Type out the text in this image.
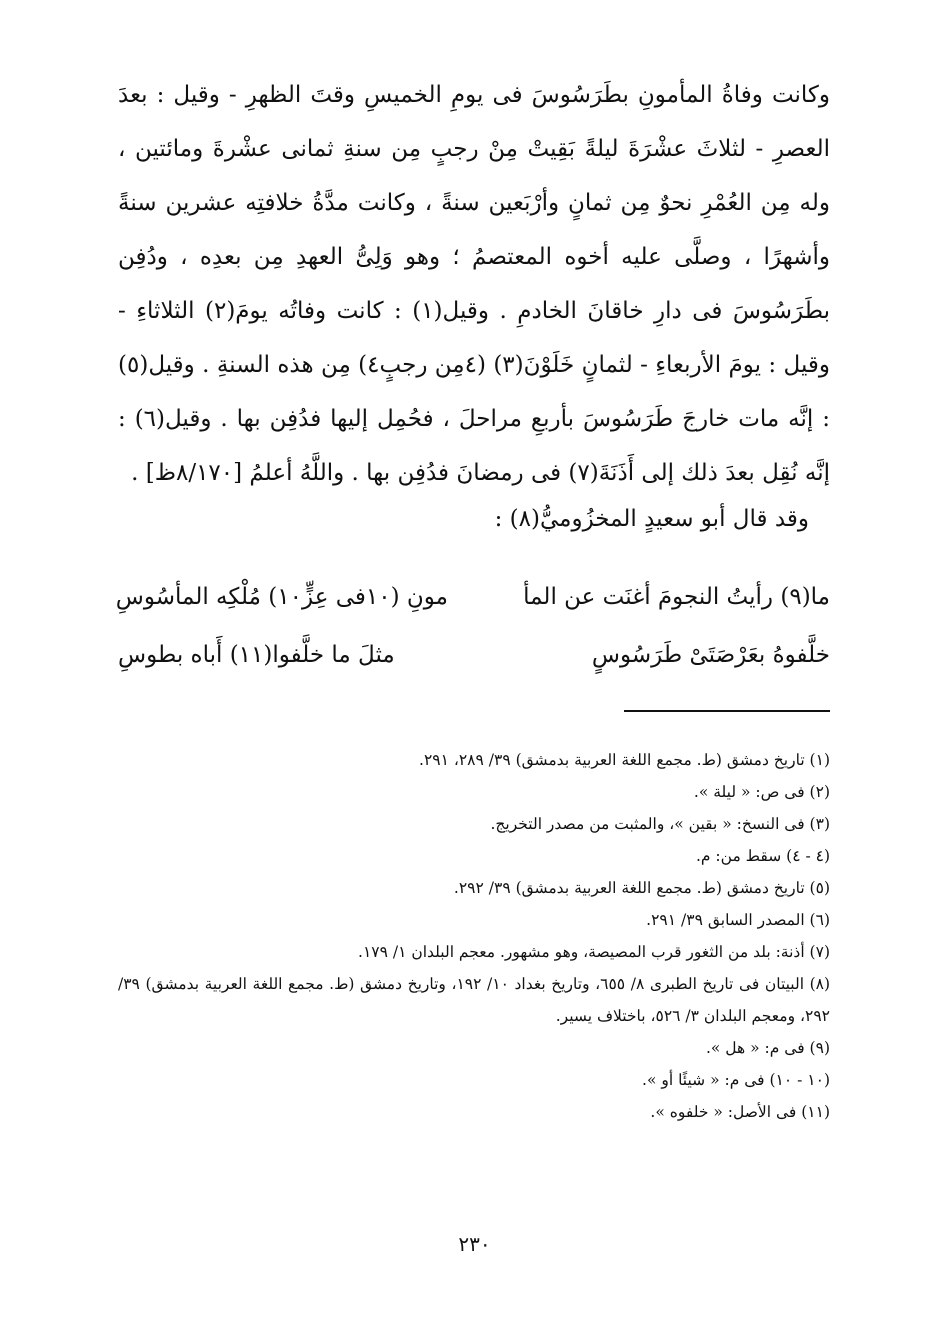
وكانت وفاةُ المأمونِ بطَرَسُوسَ فى يومِ الخميسِ وقتَ الظهرِ - وقيل : بعدَ العصرِ - لثلاثَ عشْرَةَ ليلةً بَقِيتْ مِنْ رجبٍ مِن سنةِ ثمانى عشْرةَ ومائتين ، وله مِن العُمْرِ نحوٌ مِن ثمانٍ وأرْبَعين سنةً ، وكانت مدَّةُ خلافتِه عشرين سنةً وأشهرًا ، وصلَّى عليه أخوه المعتصمُ ؛ وهو وَلِىُّ العهدِ مِن بعدِه ، ودُفِن بطَرَسُوسَ فى دارِ خاقانَ الخادمِ . وقيل(١) : كانت وفاتُه يومَ(٢) الثلاثاءِ - وقيل : يومَ الأربعاءِ - لثمانٍ خَلَوْنَ(٣) (٤مِن رجبٍ٤) مِن هذه السنةِ . وقيل(٥) : إنَّه مات خارجَ طَرَسُوسَ بأربعِ مراحلَ ، فحُمِل إليها فدُفِن بها . وقيل(٦) : إنَّه نُقِل بعدَ ذلك إلى أَذَنَةَ(٧) فى رمضانَ فدُفِن بها . واللَّهُ أعلمُ [٨/١٧٠ظ] .

وقد قال أبو سعيدٍ المخزُوميُّ(٨) :
ما(٩) رأيتُ النجومَ أغنَت عن المأ
مونِ (١٠فى عِزٍّ١٠) مُلْكِه المأسُوسِ
خلَّفوهُ بعَرْصَتَىْ طَرَسُوسٍ
مثلَ ما خلَّفوا(١١) أَباه بطوسِ

(١) تاريخ دمشق (ط. مجمع اللغة العربية بدمشق) ٣٩/ ٢٨٩، ٢٩١.

(٢) فى ص: « ليلة ».

(٣) فى النسخ: « بقين »، والمثبت من مصدر التخريج.

(٤ - ٤) سقط من: م.

(٥) تاريخ دمشق (ط. مجمع اللغة العربية بدمشق) ٣٩/ ٢٩٢.

(٦) المصدر السابق ٣٩/ ٢٩١.

(٧) أذنة: بلد من الثغور قرب المصيصة، وهو مشهور. معجم البلدان ١/ ١٧٩.

(٨) البيتان فى تاريخ الطبرى ٨/ ٦٥٥، وتاريخ بغداد ١٠/ ١٩٢، وتاريخ دمشق (ط. مجمع اللغة العربية بدمشق) ٣٩/ ٢٩٢، ومعجم البلدان ٣/ ٥٢٦، باختلاف يسير.

(٩) فى م: « هل ».

(١٠ - ١٠) فى م: « شيئًا أو ».

(١١) فى الأصل: « خلفوه ».

٢٣٠
